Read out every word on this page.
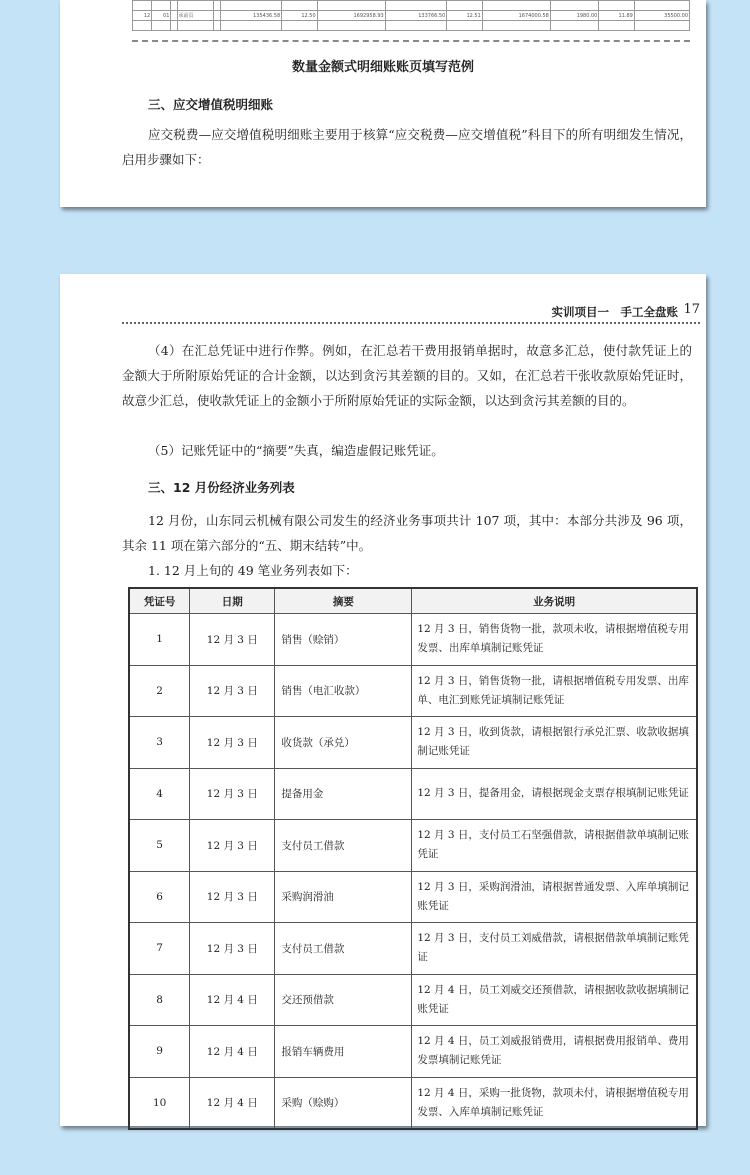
12	01		承前页		135436.58	12.50	1692958.93	133766.50	12.51	1674000.58	1980.00	11.89	35500.00

数量金额式明细账账页填写范例
三、应交增值税明细账
应交税费—应交增值税明细账主要用于核算“应交税费—应交增值税”科目下的所有明细发生情况，启用步骤如下：
实训项目一　手工全盘账 17
（4）在汇总凭证中进行作弊。例如，在汇总若干费用报销单据时，故意多汇总，使付款凭证上的金额大于所附原始凭证的合计金额，以达到贪污其差额的目的。又如，在汇总若干张收款原始凭证时，故意少汇总，使收款凭证上的金额小于所附原始凭证的实际金额，以达到贪污其差额的目的。
（5）记账凭证中的“摘要”失真，编造虚假记账凭证。
三、12 月份经济业务列表
12 月份，山东同云机械有限公司发生的经济业务事项共计 107 项，其中：本部分共涉及 96 项，其余 11 项在第六部分的“五、期末结转”中。
1. 12 月上旬的 49 笔业务列表如下：
凭证号	日期	摘要	业务说明
1	12 月 3 日	销售（赊销）	12 月 3 日，销售货物一批，款项未收，请根据增值税专用发票、出库单填制记账凭证
2	12 月 3 日	销售（电汇收款）	12 月 3 日，销售货物一批，请根据增值税专用发票、出库单、电汇到账凭证填制记账凭证
3	12 月 3 日	收货款（承兑）	12 月 3 日，收到货款，请根据银行承兑汇票、收款收据填制记账凭证
4	12 月 3 日	提备用金	12 月 3 日，提备用金，请根据现金支票存根填制记账凭证
5	12 月 3 日	支付员工借款	12 月 3 日，支付员工石坚强借款，请根据借款单填制记账凭证
6	12 月 3 日	采购润滑油	12 月 3 日，采购润滑油，请根据普通发票、入库单填制记账凭证
7	12 月 3 日	支付员工借款	12 月 3 日，支付员工刘威借款，请根据借款单填制记账凭证
8	12 月 4 日	交还预借款	12 月 4 日，员工刘威交还预借款，请根据收款收据填制记账凭证
9	12 月 4 日	报销车辆费用	12 月 4 日，员工刘威报销费用，请根据费用报销单、费用发票填制记账凭证
10	12 月 4 日	采购（赊购）	12 月 4 日，采购一批货物，款项未付，请根据增值税专用发票、入库单填制记账凭证
